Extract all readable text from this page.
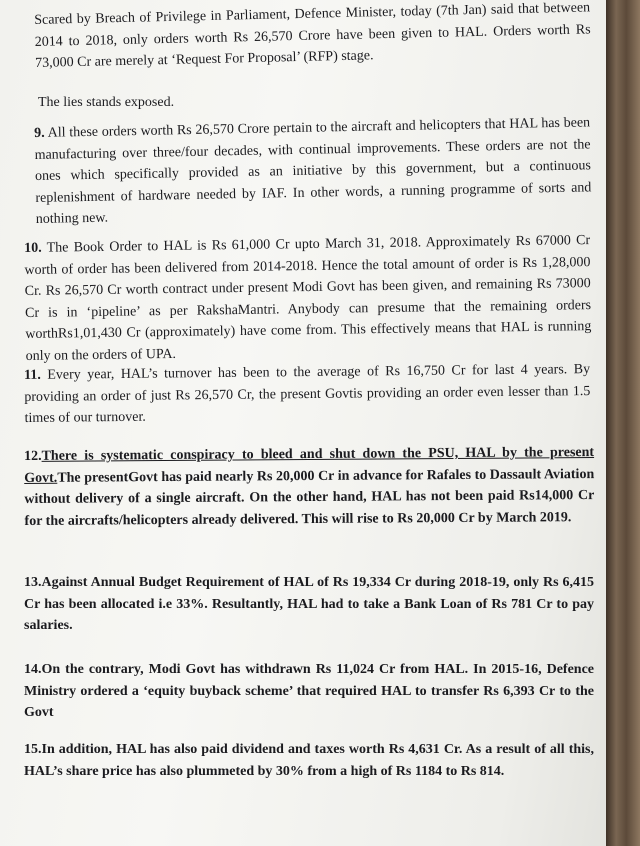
Scared by Breach of Privilege in Parliament, Defence Minister, today (7th Jan) said that between 2014 to 2018, only orders worth Rs 26,570 Crore have been given to HAL. Orders worth Rs 73,000 Cr are merely at ‘Request For Proposal’ (RFP) stage.

The lies stands exposed.

9. All these orders worth Rs 26,570 Crore pertain to the aircraft and helicopters that HAL has been manufacturing over three/four decades, with continual improvements. These orders are not the ones which specifically provided as an initiative by this government, but a continuous replenishment of hardware needed by IAF. In other words, a running programme of sorts and nothing new.

10. The Book Order to HAL is Rs 61,000 Cr upto March 31, 2018. Approximately Rs 67000 Cr worth of order has been delivered from 2014-2018. Hence the total amount of order is Rs 1,28,000 Cr. Rs 26,570 Cr worth contract under present Modi Govt has been given, and remaining Rs 73000 Cr is in ‘pipeline’ as per RakshaMantri. Anybody can presume that the remaining orders worthRs1,01,430 Cr (approximately) have come from. This effectively means that HAL is running only on the orders of UPA.

11. Every year, HAL’s turnover has been to the average of Rs 16,750 Cr for last 4 years. By providing an order of just Rs 26,570 Cr, the present Govtis providing an order even lesser than 1.5 times of our turnover.

12.There is systematic conspiracy to bleed and shut down the PSU, HAL by the present Govt.The presentGovt has paid nearly Rs 20,000 Cr in advance for Rafales to Dassault Aviation without delivery of a single aircraft. On the other hand, HAL has not been paid Rs14,000 Cr for the aircrafts/helicopters already delivered. This will rise to Rs 20,000 Cr by March 2019.

13.Against Annual Budget Requirement of HAL of Rs 19,334 Cr during 2018-19, only Rs 6,415 Cr has been allocated i.e 33%. Resultantly, HAL had to take a Bank Loan of Rs 781 Cr to pay salaries.

14.On the contrary, Modi Govt has withdrawn Rs 11,024 Cr from HAL. In 2015-16, Defence Ministry ordered a ‘equity buyback scheme’ that required HAL to transfer Rs 6,393 Cr to the Govt

15.In addition, HAL has also paid dividend and taxes worth Rs 4,631 Cr. As a result of all this, HAL’s share price has also plummeted by 30% from a high of Rs 1184 to Rs 814.
